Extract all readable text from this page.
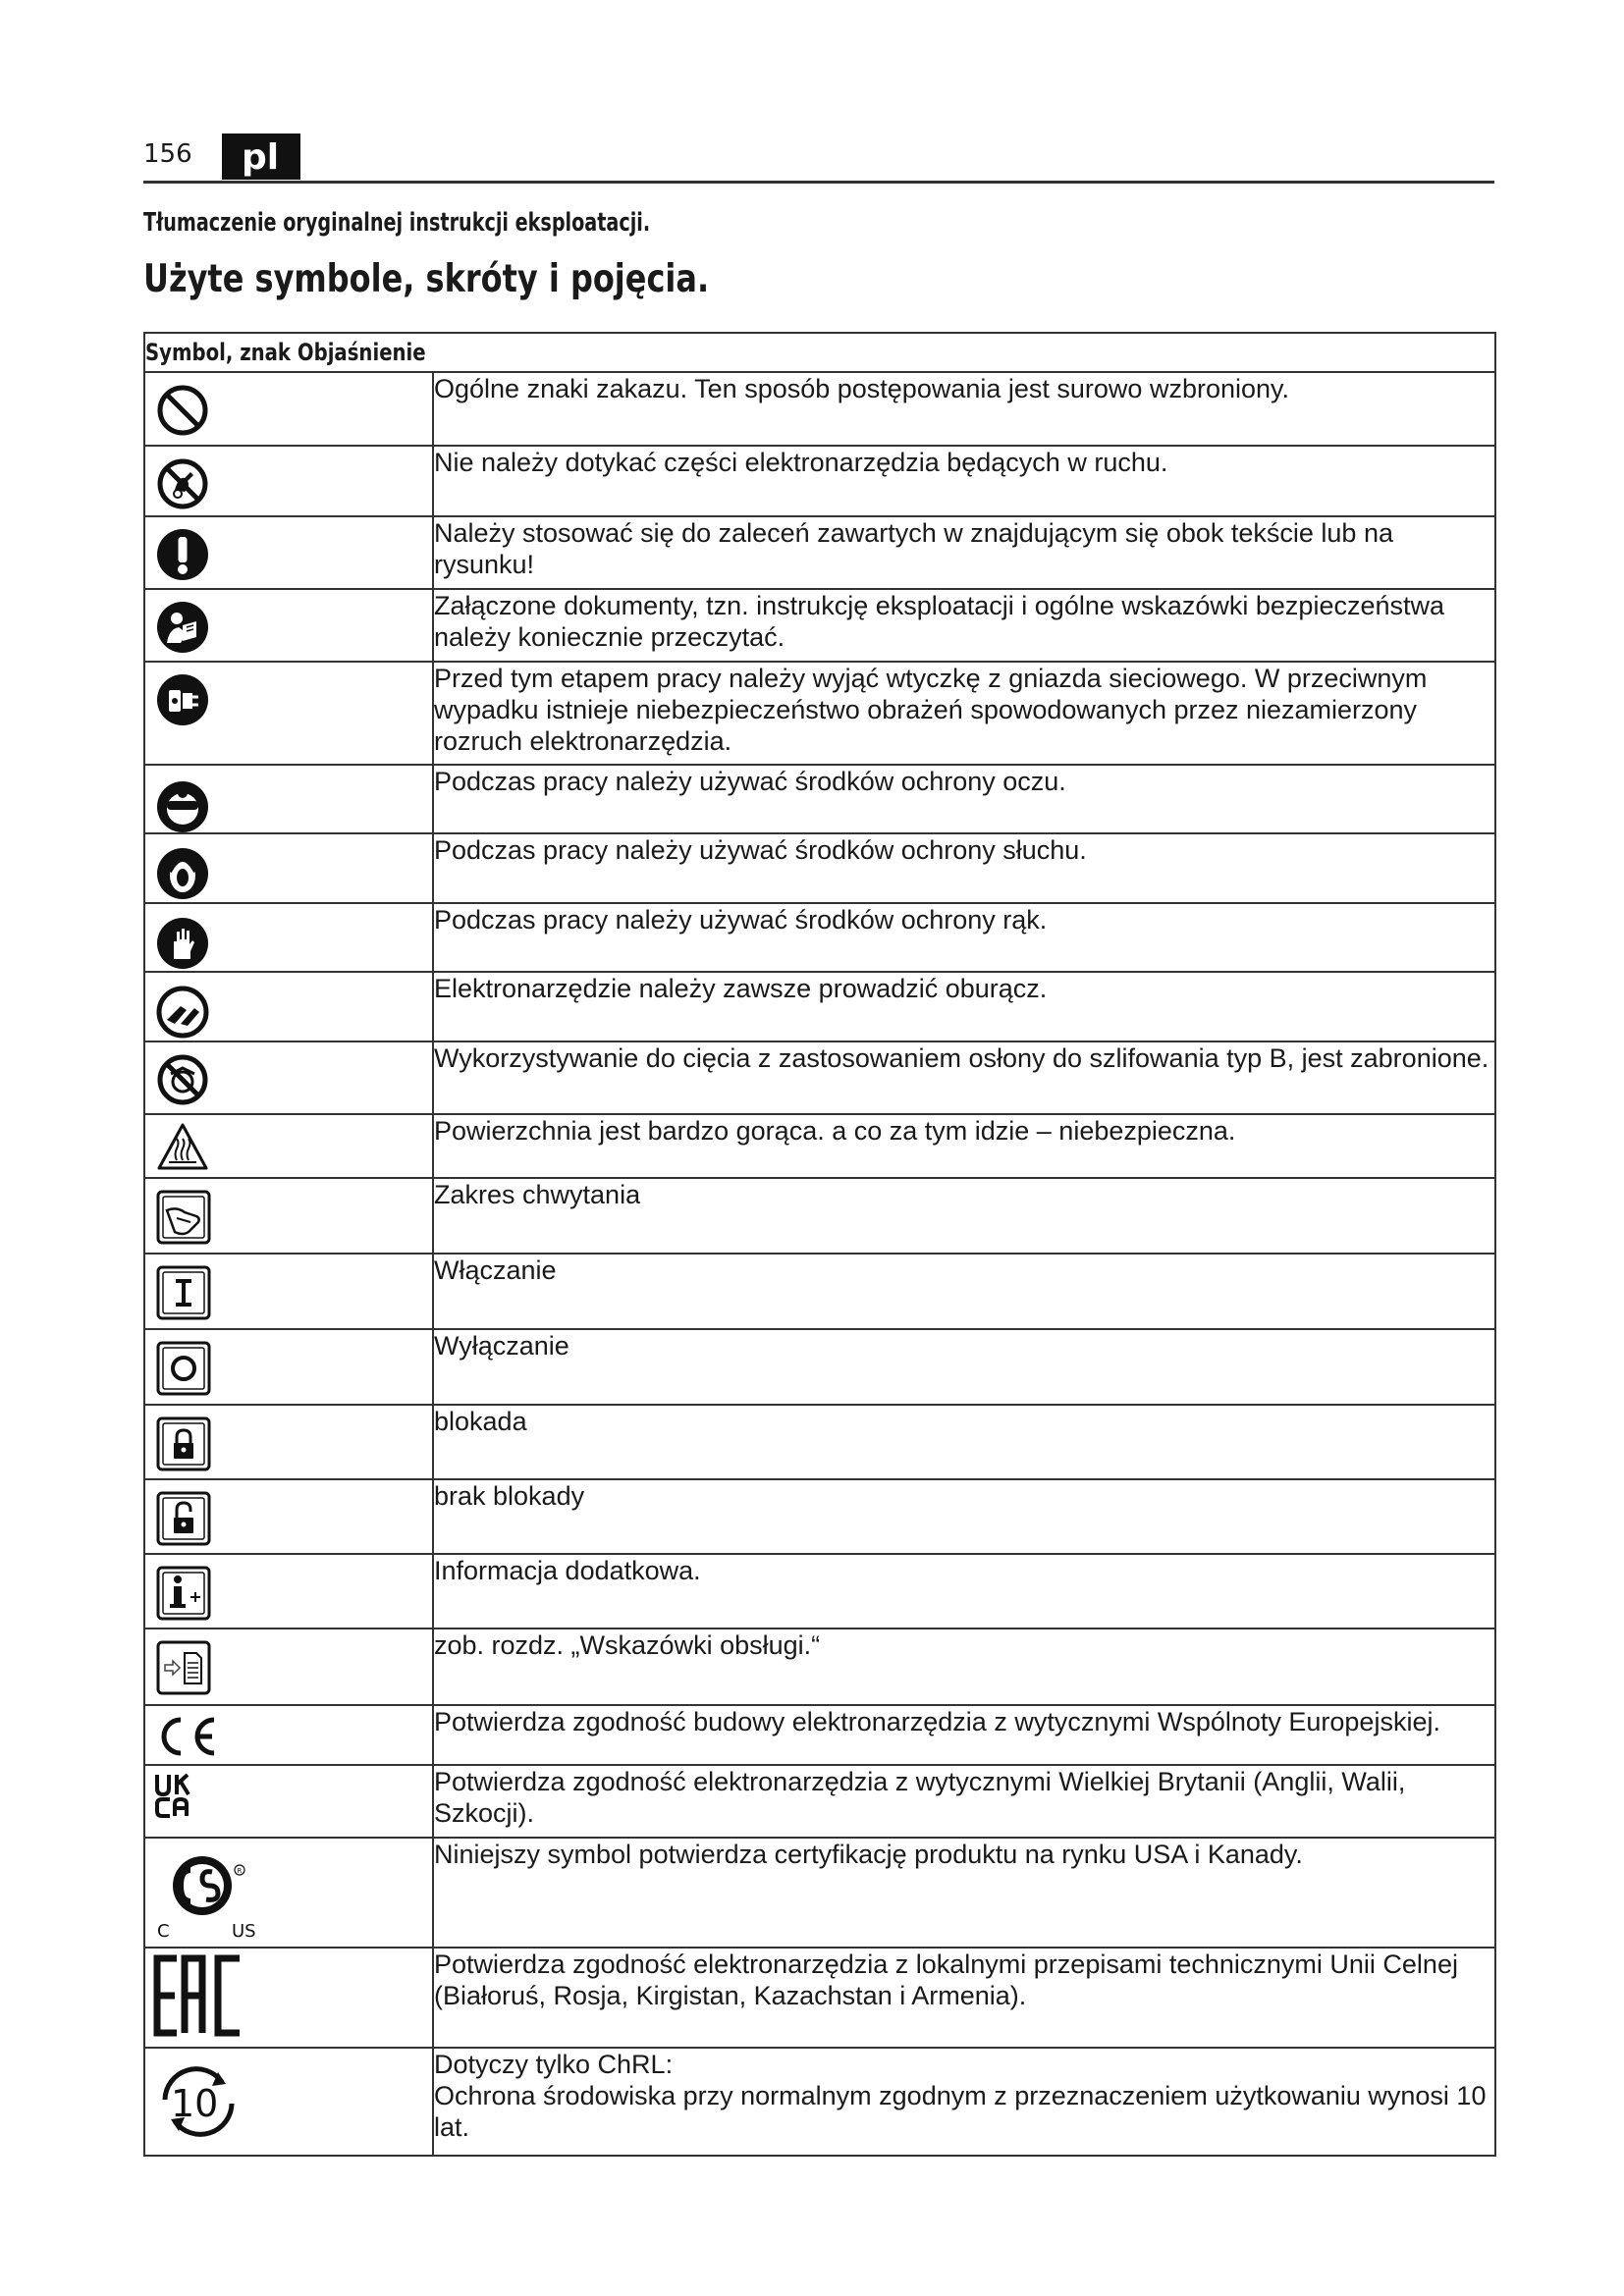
156	pl
Tłumaczenie oryginalnej instrukcji eksploatacji.
Użyte symbole, skróty i pojęcia.
Symbol, znak Objaśnienie	

	Ogólne znaki zakazu. Ten sposób postępowania jest surowo wzbroniony.

	Nie należy dotykać części elektronarzędzia będących w ruchu.

	Należy stosować się do zaleceń zawartych w znajdującym się obok tekście lub na rysunku!

	Załączone dokumenty, tzn. instrukcję eksploatacji i ogólne wskazówki bezpieczeństwa należy koniecznie przeczytać.

	Przed tym etapem pracy należy wyjąć wtyczkę z gniazda sieciowego. W przeciwnym wypadku istnieje niebezpieczeństwo obrażeń spowodowanych przez niezamierzony rozruch elektronarzędzia.

	Podczas pracy należy używać środków ochrony oczu.

	Podczas pracy należy używać środków ochrony słuchu.

	Podczas pracy należy używać środków ochrony rąk.

	Elektronarzędzie należy zawsze prowadzić oburącz.

	Wykorzystywanie do cięcia z zastosowaniem osłony do szlifowania typ B, jest zabronione.

	Powierzchnia jest bardzo gorąca. a co za tym idzie – niebezpieczna.

	Zakres chwytania

	Włączanie

	Wyłączanie

	blokada

	brak blokady

	Informacja dodatkowa.

	zob. rozdz. „Wskazówki obsługi.“

	Potwierdza zgodność budowy elektronarzędzia z wytycznymi Wspólnoty Europejskiej.

	Potwierdza zgodność elektronarzędzia z wytycznymi Wielkiej Brytanii (Anglii, Walii, Szkocji).

R
C US	Niniejszy symbol potwierdza certyfikację produktu na rynku USA i Kanady.

	Potwierdza zgodność elektronarzędzia z lokalnymi przepisami technicznymi Unii Celnej (Białoruś, Rosja, Kirgistan, Kazachstan i Armenia).

10	Dotyczy tylko ChRL:
Ochrona środowiska przy normalnym zgodnym z przeznaczeniem użytkowaniu wynosi 10 lat.
